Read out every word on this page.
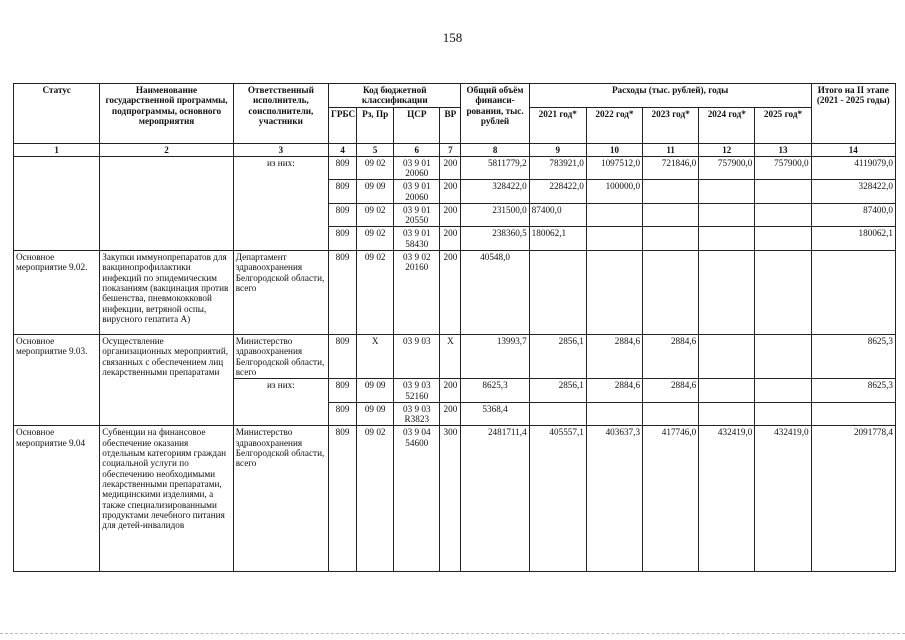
158
Статус	Наименование государственной программы, подпрограммы, основного мероприятия	Ответственный исполнитель, соисполнители, участники	Код бюджетной классификации				Общий объём финанси-рования, тыс. рублей	Расходы (тыс. рублей), годы					Итого на II этапе (2021 - 2025 годы)

			ГРБС	Рз, Пр	ЦСР	ВР		2021 год*	2022 год*	2023 год*	2024 год*	2025 год*	
1	2	3	4	5	6	7	8	9	10	11	12	13	14
		из них:	809	09 02	03 9 01 20060	200	5811779,2	783921,0	1097512,0	721846,0	757900,0	757900,0	4119079,0
			809	09 09	03 9 01 20060	200	328422,0	228422,0	100000,0				328422,0
			809	09 02	03 9 01 20550	200	231500,0	87400,0					87400,0
			809	09 02	03 9 01 58430	200	238360,5	180062,1					180062,1
Основное мероприятие 9.02.	Закупки иммунопрепаратов для вакцинопрофилактики инфекций по эпидемическим показаниям (вакцинация против бешенства, пневмококковой инфекции, ветряной оспы, вирусного гепатита А)	Департамент здравоохранения Белгородской области, всего	809	09 02	03 9 02 20160	200	40548,0						
Основное мероприятие 9.03.	Осуществление организационных мероприятий, связанных с обеспечением лиц лекарственными препаратами	Министерство здравоохранения Белгородской области, всего	809	Х	03 9 03	Х	13993,7	2856,1	2884,6	2884,6			8625,3
		из них:	809	09 09	03 9 03 52160	200	8625,3	2856,1	2884,6	2884,6			8625,3
			809	09 09	03 9 03 R3823	200	5368,4						
Основное мероприятие 9.04	Субвенции на финансовое обеспечение оказания отдельным категориям граждан социальной услуги по обеспечению необходимыми лекарственными препаратами, медицинскими изделиями, а также специализированными продуктами лечебного питания для детей-инвалидов	Министерство здравоохранения Белгородской области, всего	809	09 02	03 9 04 54600	300	2481711,4	405557,1	403637,3	417746,0	432419,0	432419,0	2091778,4
